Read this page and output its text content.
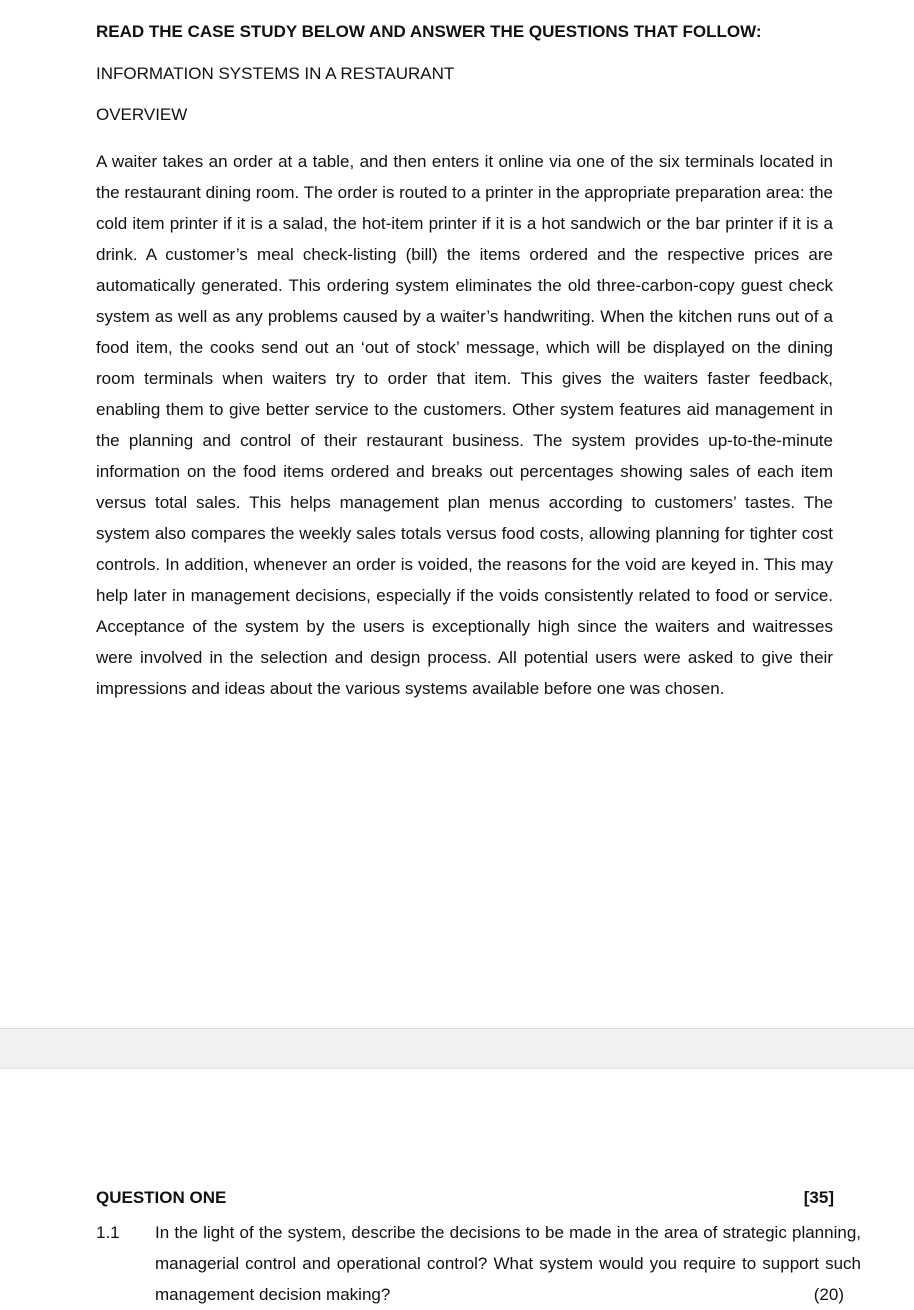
READ THE CASE STUDY BELOW AND ANSWER THE QUESTIONS THAT FOLLOW:

INFORMATION SYSTEMS IN A RESTAURANT

OVERVIEW

A waiter takes an order at a table, and then enters it online via one of the six terminals located in the restaurant dining room. The order is routed to a printer in the appropriate preparation area: the cold item printer if it is a salad, the hot-item printer if it is a hot sandwich or the bar printer if it is a drink. A customer’s meal check-listing (bill) the items ordered and the respective prices are automatically generated. This ordering system eliminates the old three-carbon-copy guest check system as well as any problems caused by a waiter’s handwriting. When the kitchen runs out of a food item, the cooks send out an ‘out of stock’ message, which will be displayed on the dining room terminals when waiters try to order that item. This gives the waiters faster feedback, enabling them to give better service to the customers. Other system features aid management in the planning and control of their restaurant business. The system provides up-to-the-minute information on the food items ordered and breaks out percentages showing sales of each item versus total sales. This helps management plan menus according to customers’ tastes. The system also compares the weekly sales totals versus food costs, allowing planning for tighter cost controls. In addition, whenever an order is voided, the reasons for the void are keyed in. This may help later in management decisions, especially if the voids consistently related to food or service. Acceptance of the system by the users is exceptionally high since the waiters and waitresses were involved in the selection and design process. All potential users were asked to give their impressions and ideas about the various systems available before one was chosen.

QUESTION ONE	[35]
1.1 In the light of the system, describe the decisions to be made in the area of strategic planning, managerial control and operational control? What system would you require to support such management decision making?	(20)
